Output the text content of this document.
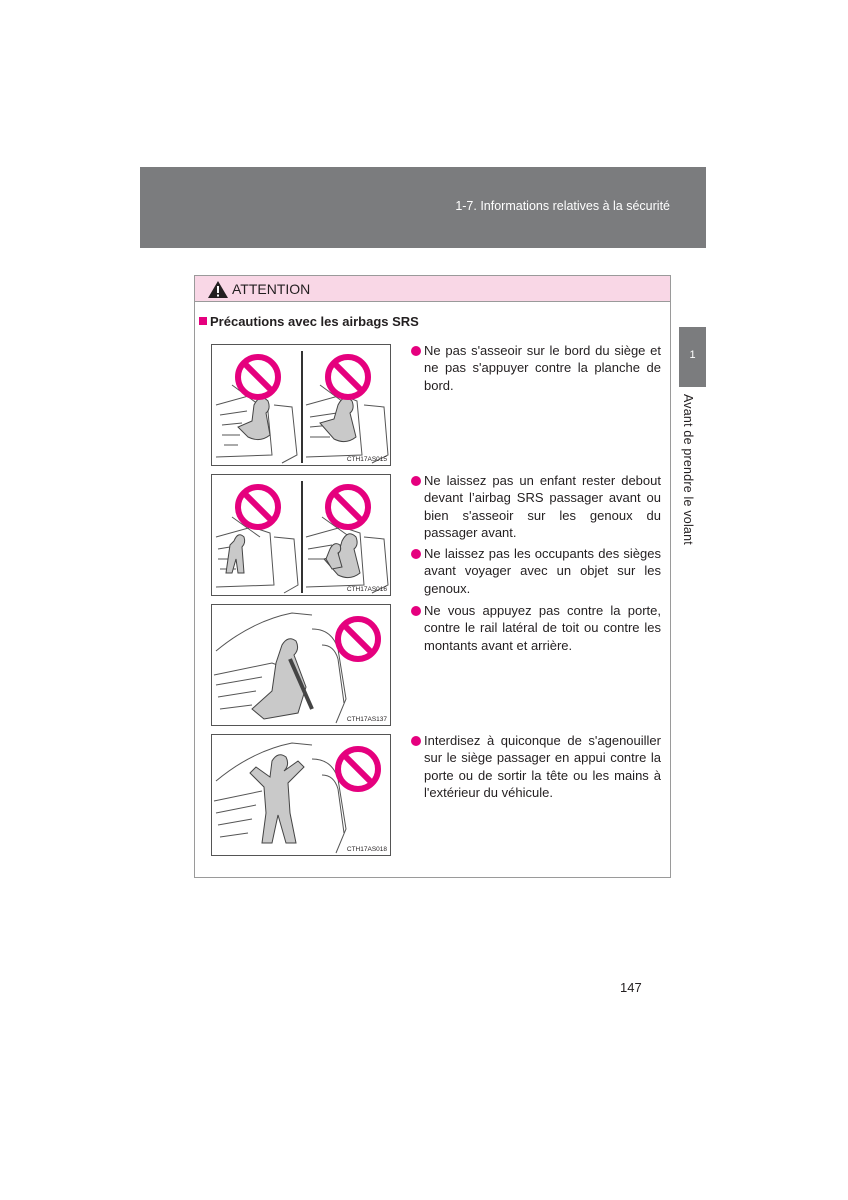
1-7. Informations relatives à la sécurité
1
Avant de prendre le volant
ATTENTION
Précautions avec les airbags SRS
CTH17AS015
CTH17AS016
CTH17AS137
CTH17AS018
Ne pas s'asseoir sur le bord du siège et ne pas s'appuyer contre la planche de bord.
Ne laissez pas un enfant rester debout devant l’airbag SRS passager avant ou bien s'asseoir sur les genoux du passager avant.
Ne laissez pas les occupants des sièges avant voyager avec un objet sur les genoux.
Ne vous appuyez pas contre la porte, contre le rail latéral de toit ou contre les montants avant et arrière.
Interdisez à quiconque de s'agenouiller sur le siège passager en appui contre la porte ou de sortir la tête ou les mains à l'extérieur du véhicule.
147
